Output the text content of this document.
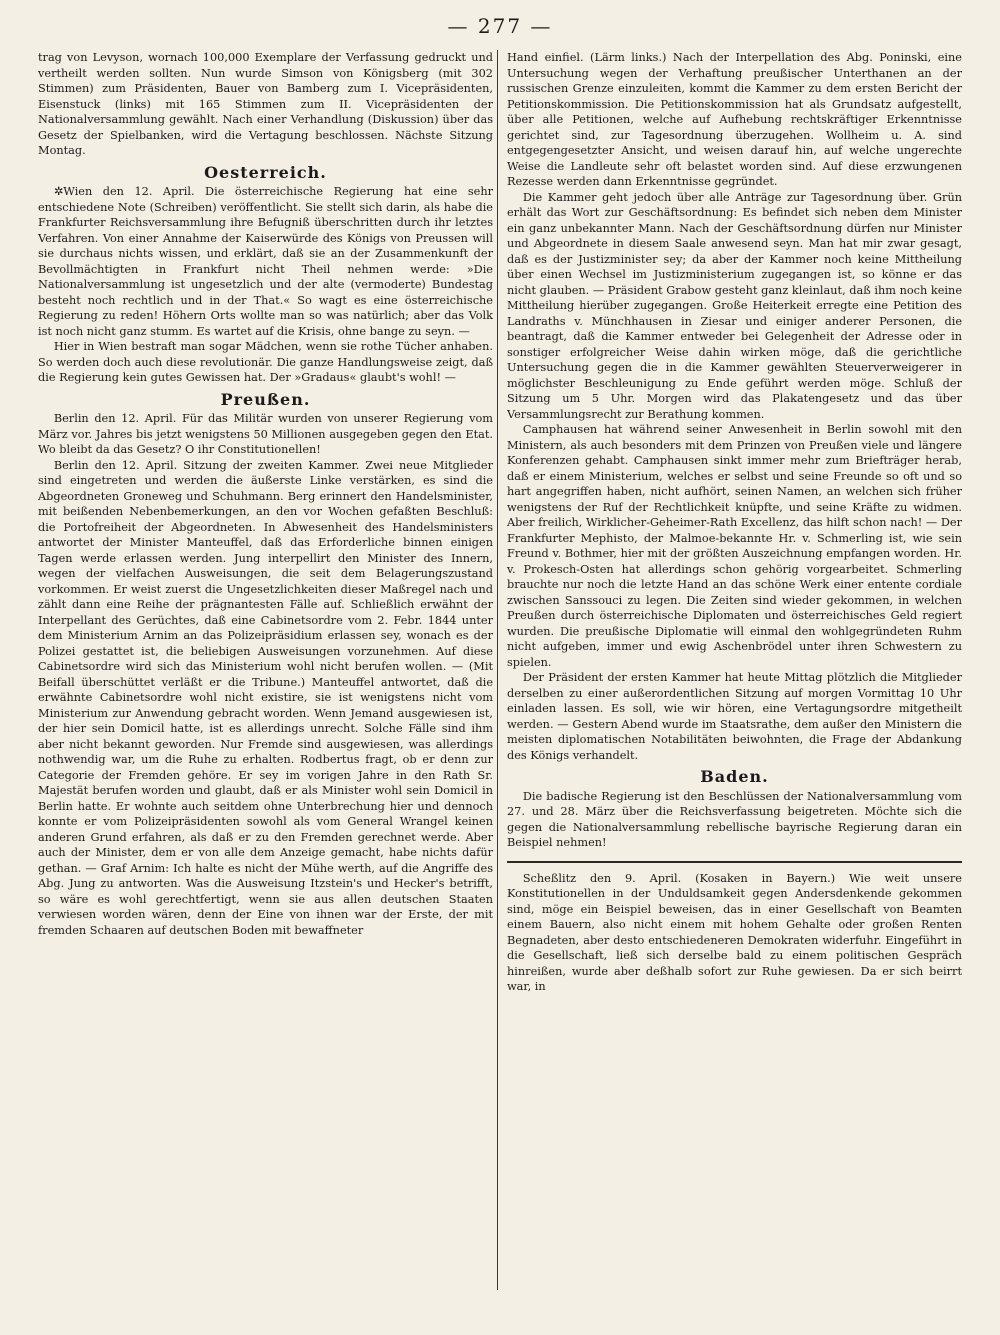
— 277 —

trag von Levyson, wornach 100,000 Exemplare der Verfassung gedruckt und vertheilt werden sollten. Nun wurde Simson von Königsberg (mit 302 Stimmen) zum Präsidenten, Bauer von Bamberg zum I. Vicepräsidenten, Eisenstuck (links) mit 165 Stimmen zum II. Vicepräsidenten der Nationalversammlung gewählt. Nach einer Verhandlung (Diskussion) über das Gesetz der Spielbanken, wird die Vertagung beschlossen. Nächste Sitzung Montag.

Oesterreich.

✲Wien den 12. April. Die österreichische Regierung hat eine sehr entschiedene Note (Schreiben) veröffentlicht. Sie stellt sich darin, als habe die Frankfurter Reichsversammlung ihre Befugniß überschritten durch ihr letztes Verfahren. Von einer Annahme der Kaiserwürde des Königs von Preussen will sie durchaus nichts wissen, und erklärt, daß sie an der Zusammenkunft der Bevollmächtigten in Frankfurt nicht Theil nehmen werde: »Die Nationalversammlung ist ungesetzlich und der alte (vermoderte) Bundestag besteht noch rechtlich und in der That.« So wagt es eine österreichische Regierung zu reden! Höhern Orts wollte man so was natürlich; aber das Volk ist noch nicht ganz stumm. Es wartet auf die Krisis, ohne bange zu seyn. —

Hier in Wien bestraft man sogar Mädchen, wenn sie rothe Tücher anhaben. So werden doch auch diese revolutionär. Die ganze Handlungsweise zeigt, daß die Regierung kein gutes Gewissen hat. Der »Gradaus« glaubt's wohl! —

Preußen.

Berlin den 12. April. Für das Militär wurden von unserer Regierung vom März vor. Jahres bis jetzt wenigstens 50 Millionen ausgegeben gegen den Etat. Wo bleibt da das Gesetz? O ihr Constitutionellen!

Berlin den 12. April. Sitzung der zweiten Kammer. Zwei neue Mitglieder sind eingetreten und werden die äußerste Linke verstärken, es sind die Abgeordneten Groneweg und Schuhmann. Berg erinnert den Handelsminister, mit beißenden Nebenbemerkungen, an den vor Wochen gefaßten Beschluß: die Portofreiheit der Abgeordneten. In Abwesenheit des Handelsministers antwortet der Minister Manteuffel, daß das Erforderliche binnen einigen Tagen werde erlassen werden. Jung interpellirt den Minister des Innern, wegen der vielfachen Ausweisungen, die seit dem Belagerungszustand vorkommen. Er weist zuerst die Ungesetzlichkeiten dieser Maßregel nach und zählt dann eine Reihe der prägnantesten Fälle auf. Schließlich erwähnt der Interpellant des Gerüchtes, daß eine Cabinetsordre vom 2. Febr. 1844 unter dem Ministerium Arnim an das Polizeipräsidium erlassen sey, wonach es der Polizei gestattet ist, die beliebigen Ausweisungen vorzunehmen. Auf diese Cabinetsordre wird sich das Ministerium wohl nicht berufen wollen. — (Mit Beifall überschüttet verläßt er die Tribune.) Manteuffel antwortet, daß die erwähnte Cabinetsordre wohl nicht existire, sie ist wenigstens nicht vom Ministerium zur Anwendung gebracht worden. Wenn Jemand ausgewiesen ist, der hier sein Domicil hatte, ist es allerdings unrecht. Solche Fälle sind ihm aber nicht bekannt geworden. Nur Fremde sind ausgewiesen, was allerdings nothwendig war, um die Ruhe zu erhalten. Rodbertus fragt, ob er denn zur Categorie der Fremden gehöre. Er sey im vorigen Jahre in den Rath Sr. Majestät berufen worden und glaubt, daß er als Minister wohl sein Domicil in Berlin hatte. Er wohnte auch seitdem ohne Unterbrechung hier und dennoch konnte er vom Polizeipräsidenten sowohl als vom General Wrangel keinen anderen Grund erfahren, als daß er zu den Fremden gerechnet werde. Aber auch der Minister, dem er von alle dem Anzeige gemacht, habe nichts dafür gethan. — Graf Arnim: Ich halte es nicht der Mühe werth, auf die Angriffe des Abg. Jung zu antworten. Was die Ausweisung Itzstein's und Hecker's betrifft, so wäre es wohl gerechtfertigt, wenn sie aus allen deutschen Staaten verwiesen worden wären, denn der Eine von ihnen war der Erste, der mit fremden Schaaren auf deutschen Boden mit bewaffneter

Hand einfiel. (Lärm links.) Nach der Interpellation des Abg. Poninski, eine Untersuchung wegen der Verhaftung preußischer Unterthanen an der russischen Grenze einzuleiten, kommt die Kammer zu dem ersten Bericht der Petitionskommission. Die Petitionskommission hat als Grundsatz aufgestellt, über alle Petitionen, welche auf Aufhebung rechtskräftiger Erkenntnisse gerichtet sind, zur Tagesordnung überzugehen. Wollheim u. A. sind entgegengesetzter Ansicht, und weisen darauf hin, auf welche ungerechte Weise die Landleute sehr oft belastet worden sind. Auf diese erzwungenen Rezesse werden dann Erkenntnisse gegründet.

Die Kammer geht jedoch über alle Anträge zur Tagesordnung über. Grün erhält das Wort zur Geschäftsordnung: Es befindet sich neben dem Minister ein ganz unbekannter Mann. Nach der Geschäftsordnung dürfen nur Minister und Abgeordnete in diesem Saale anwesend seyn. Man hat mir zwar gesagt, daß es der Justizminister sey; da aber der Kammer noch keine Mittheilung über einen Wechsel im Justizministerium zugegangen ist, so könne er das nicht glauben. — Präsident Grabow gesteht ganz kleinlaut, daß ihm noch keine Mittheilung hierüber zugegangen. Große Heiterkeit erregte eine Petition des Landraths v. Münchhausen in Ziesar und einiger anderer Personen, die beantragt, daß die Kammer entweder bei Gelegenheit der Adresse oder in sonstiger erfolgreicher Weise dahin wirken möge, daß die gerichtliche Untersuchung gegen die in die Kammer gewählten Steuerverweigerer in möglichster Beschleunigung zu Ende geführt werden möge. Schluß der Sitzung um 5 Uhr. Morgen wird das Plakatengesetz und das über Versammlungsrecht zur Berathung kommen.

Camphausen hat während seiner Anwesenheit in Berlin sowohl mit den Ministern, als auch besonders mit dem Prinzen von Preußen viele und längere Konferenzen gehabt. Camphausen sinkt immer mehr zum Briefträger herab, daß er einem Ministerium, welches er selbst und seine Freunde so oft und so hart angegriffen haben, nicht aufhört, seinen Namen, an welchen sich früher wenigstens der Ruf der Rechtlichkeit knüpfte, und seine Kräfte zu widmen. Aber freilich, Wirklicher-Geheimer-Rath Excellenz, das hilft schon nach! — Der Frankfurter Mephisto, der Malmoe-bekannte Hr. v. Schmerling ist, wie sein Freund v. Bothmer, hier mit der größten Auszeichnung empfangen worden. Hr. v. Prokesch-Osten hat allerdings schon gehörig vorgearbeitet. Schmerling brauchte nur noch die letzte Hand an das schöne Werk einer entente cordiale zwischen Sanssouci zu legen. Die Zeiten sind wieder gekommen, in welchen Preußen durch österreichische Diplomaten und österreichisches Geld regiert wurden. Die preußische Diplomatie will einmal den wohlgegründeten Ruhm nicht aufgeben, immer und ewig Aschenbrödel unter ihren Schwestern zu spielen.

Der Präsident der ersten Kammer hat heute Mittag plötzlich die Mitglieder derselben zu einer außerordentlichen Sitzung auf morgen Vormittag 10 Uhr einladen lassen. Es soll, wie wir hören, eine Vertagungsordre mitgetheilt werden. — Gestern Abend wurde im Staatsrathe, dem außer den Ministern die meisten diplomatischen Notabilitäten beiwohnten, die Frage der Abdankung des Königs verhandelt.

Baden.

Die badische Regierung ist den Beschlüssen der Nationalversammlung vom 27. und 28. März über die Reichsverfassung beigetreten. Möchte sich die gegen die Nationalversammlung rebellische bayrische Regierung daran ein Beispiel nehmen!

Scheßlitz den 9. April. (Kosaken in Bayern.) Wie weit unsere Konstitutionellen in der Unduldsamkeit gegen Andersdenkende gekommen sind, möge ein Beispiel beweisen, das in einer Gesellschaft von Beamten einem Bauern, also nicht einem mit hohem Gehalte oder großen Renten Begnadeten, aber desto entschiedeneren Demokraten widerfuhr. Eingeführt in die Gesellschaft, ließ sich derselbe bald zu einem politischen Gespräch hinreißen, wurde aber deßhalb sofort zur Ruhe gewiesen. Da er sich beirrt war, in
